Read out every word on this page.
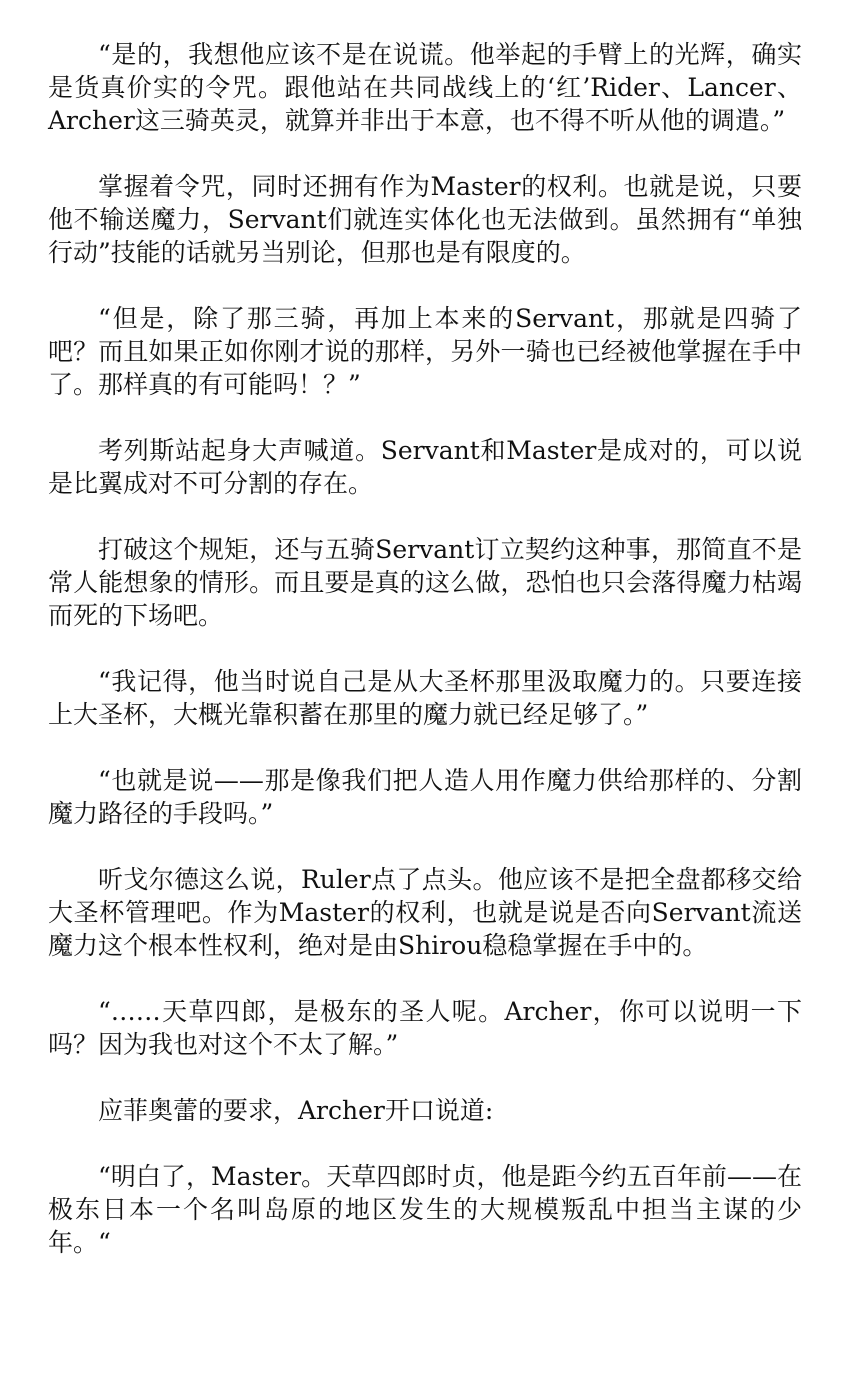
“是的，我想他应该不是在说谎。他举起的手臂上的光辉，确实是货真价实的令咒。跟他站在共同战线上的‘红’Rider、Lancer、Archer这三骑英灵，就算并非出于本意，也不得不听从他的调遣。”

掌握着令咒，同时还拥有作为Master的权利。也就是说，只要他不输送魔力，Servant们就连实体化也无法做到。虽然拥有“单独行动”技能的话就另当别论，但那也是有限度的。

“但是，除了那三骑，再加上本来的Servant，那就是四骑了吧？而且如果正如你刚才说的那样，另外一骑也已经被他掌握在手中了。那样真的有可能吗！？”

考列斯站起身大声喊道。Servant和Master是成对的，可以说是比翼成对不可分割的存在。

打破这个规矩，还与五骑Servant订立契约这种事，那简直不是常人能想象的情形。而且要是真的这么做，恐怕也只会落得魔力枯竭而死的下场吧。

“我记得，他当时说自己是从大圣杯那里汲取魔力的。只要连接上大圣杯，大概光靠积蓄在那里的魔力就已经足够了。”

“也就是说——那是像我们把人造人用作魔力供给那样的、分割魔力路径的手段吗。”

听戈尔德这么说，Ruler点了点头。他应该不是把全盘都移交给大圣杯管理吧。作为Master的权利，也就是说是否向Servant流送魔力这个根本性权利，绝对是由Shirou稳稳掌握在手中的。

“……天草四郎，是极东的圣人呢。Archer，你可以说明一下吗？因为我也对这个不太了解。”

应菲奥蕾的要求，Archer开口说道:

“明白了，Master。天草四郎时贞，他是距今约五百年前——在极东日本一个名叫岛原的地区发生的大规模叛乱中担当主谋的少年。“
